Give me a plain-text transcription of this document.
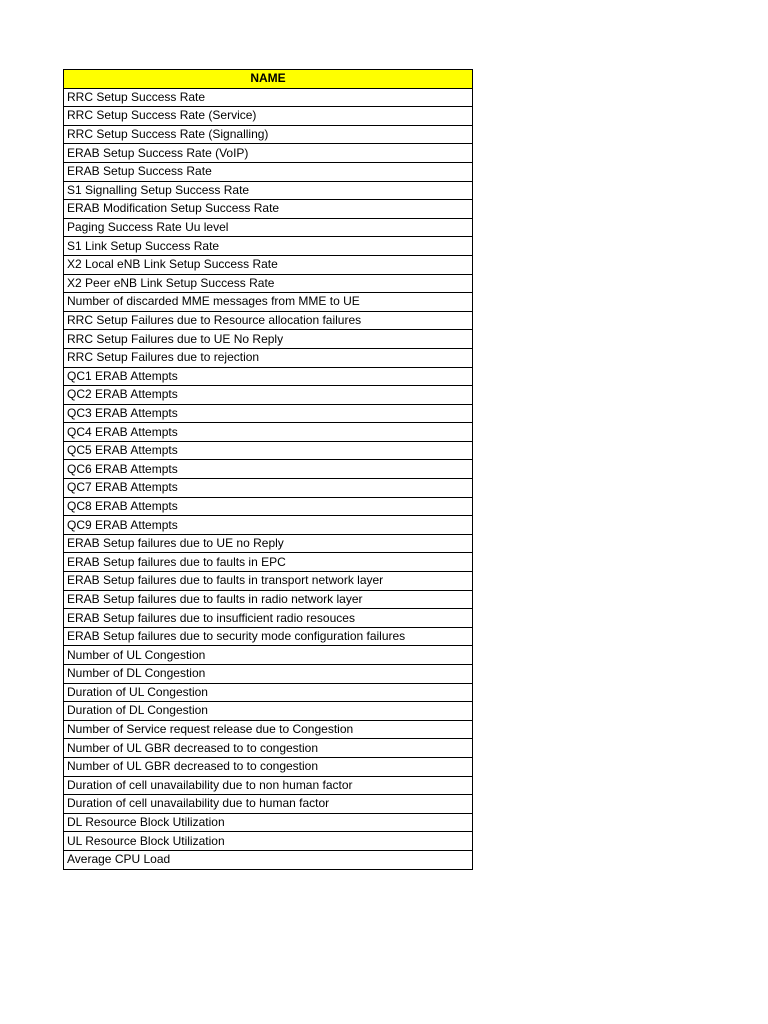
NAME
RRC Setup Success Rate
RRC Setup Success Rate (Service)
RRC Setup Success Rate (Signalling)
ERAB Setup Success Rate (VoIP)
ERAB Setup Success Rate
S1 Signalling Setup Success Rate
ERAB Modification Setup Success Rate
Paging Success Rate Uu level
S1 Link Setup Success Rate
X2 Local eNB Link Setup Success Rate
X2 Peer eNB Link Setup Success Rate
Number of discarded MME messages from MME to UE
RRC Setup Failures due to Resource allocation failures
RRC Setup Failures due to UE No Reply
RRC Setup Failures due to rejection
QC1 ERAB Attempts
QC2 ERAB Attempts
QC3 ERAB Attempts
QC4 ERAB Attempts
QC5 ERAB Attempts
QC6 ERAB Attempts
QC7 ERAB Attempts
QC8 ERAB Attempts
QC9 ERAB Attempts
ERAB Setup failures due to UE no Reply
ERAB Setup failures due to faults in EPC
ERAB Setup failures due to faults in transport network layer
ERAB Setup failures due to faults in radio network layer
ERAB Setup failures due to insufficient radio resouces
ERAB Setup failures due to security mode configuration failures
Number of UL Congestion
Number of DL Congestion
Duration of UL Congestion
Duration of DL Congestion
Number of Service request release due to Congestion
Number of UL GBR decreased to to congestion
Number of UL GBR decreased to to congestion
Duration of cell unavailability due to non human factor
Duration of cell unavailability due to human factor
DL Resource Block Utilization
UL Resource Block Utilization
Average CPU Load
